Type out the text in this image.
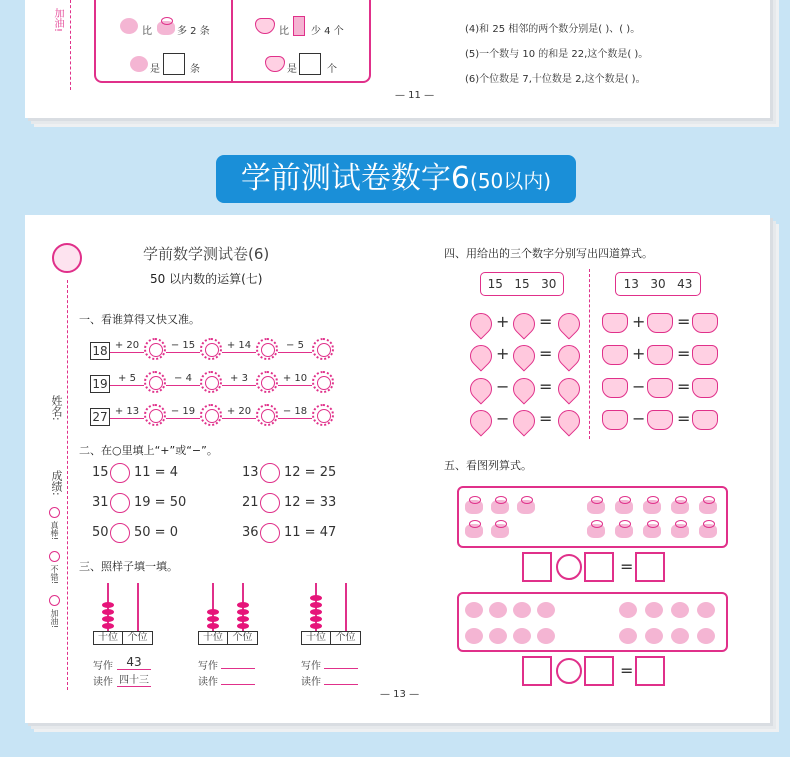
加油!	比	多 2 条	比 少 4 个
是	条	是	个
(4)和 25 相邻的两个数分别是( )、( )。
(5)一个数与 10 的和是 22,这个数是( )。
(6)个位数是 7,十位数是 2,这个数是( )。
— 11 —
学前测试卷数字6(50以内)
学前数学测试卷(6)
50 以内数的运算(七)
姓名:
成绩:
真棒!
不错!
加油!
一、看谁算得又快又准。
18 + 20	− 15	+ 14	− 5
19	+ 5	− 4	+ 3	+ 10
27 + 13	− 19	+ 20	− 18
二、在○里填上“+”或“−”。
15 11 = 4	13 12 = 25
31 19 = 50	21 12 = 33
50 50 = 0	36 11 = 47
三、照样子填一填。
十位 个位	十位 个位	十位 个位
写作	43
读作 四十三
写作
读作
写作
读作
四、用给出的三个数字分别写出四道算式。
15 15 30	13 30 43
+ =
+ =
− =
− =
+ =
+ =
− =
− =
五、看图列算式。
=
=
— 13 —
